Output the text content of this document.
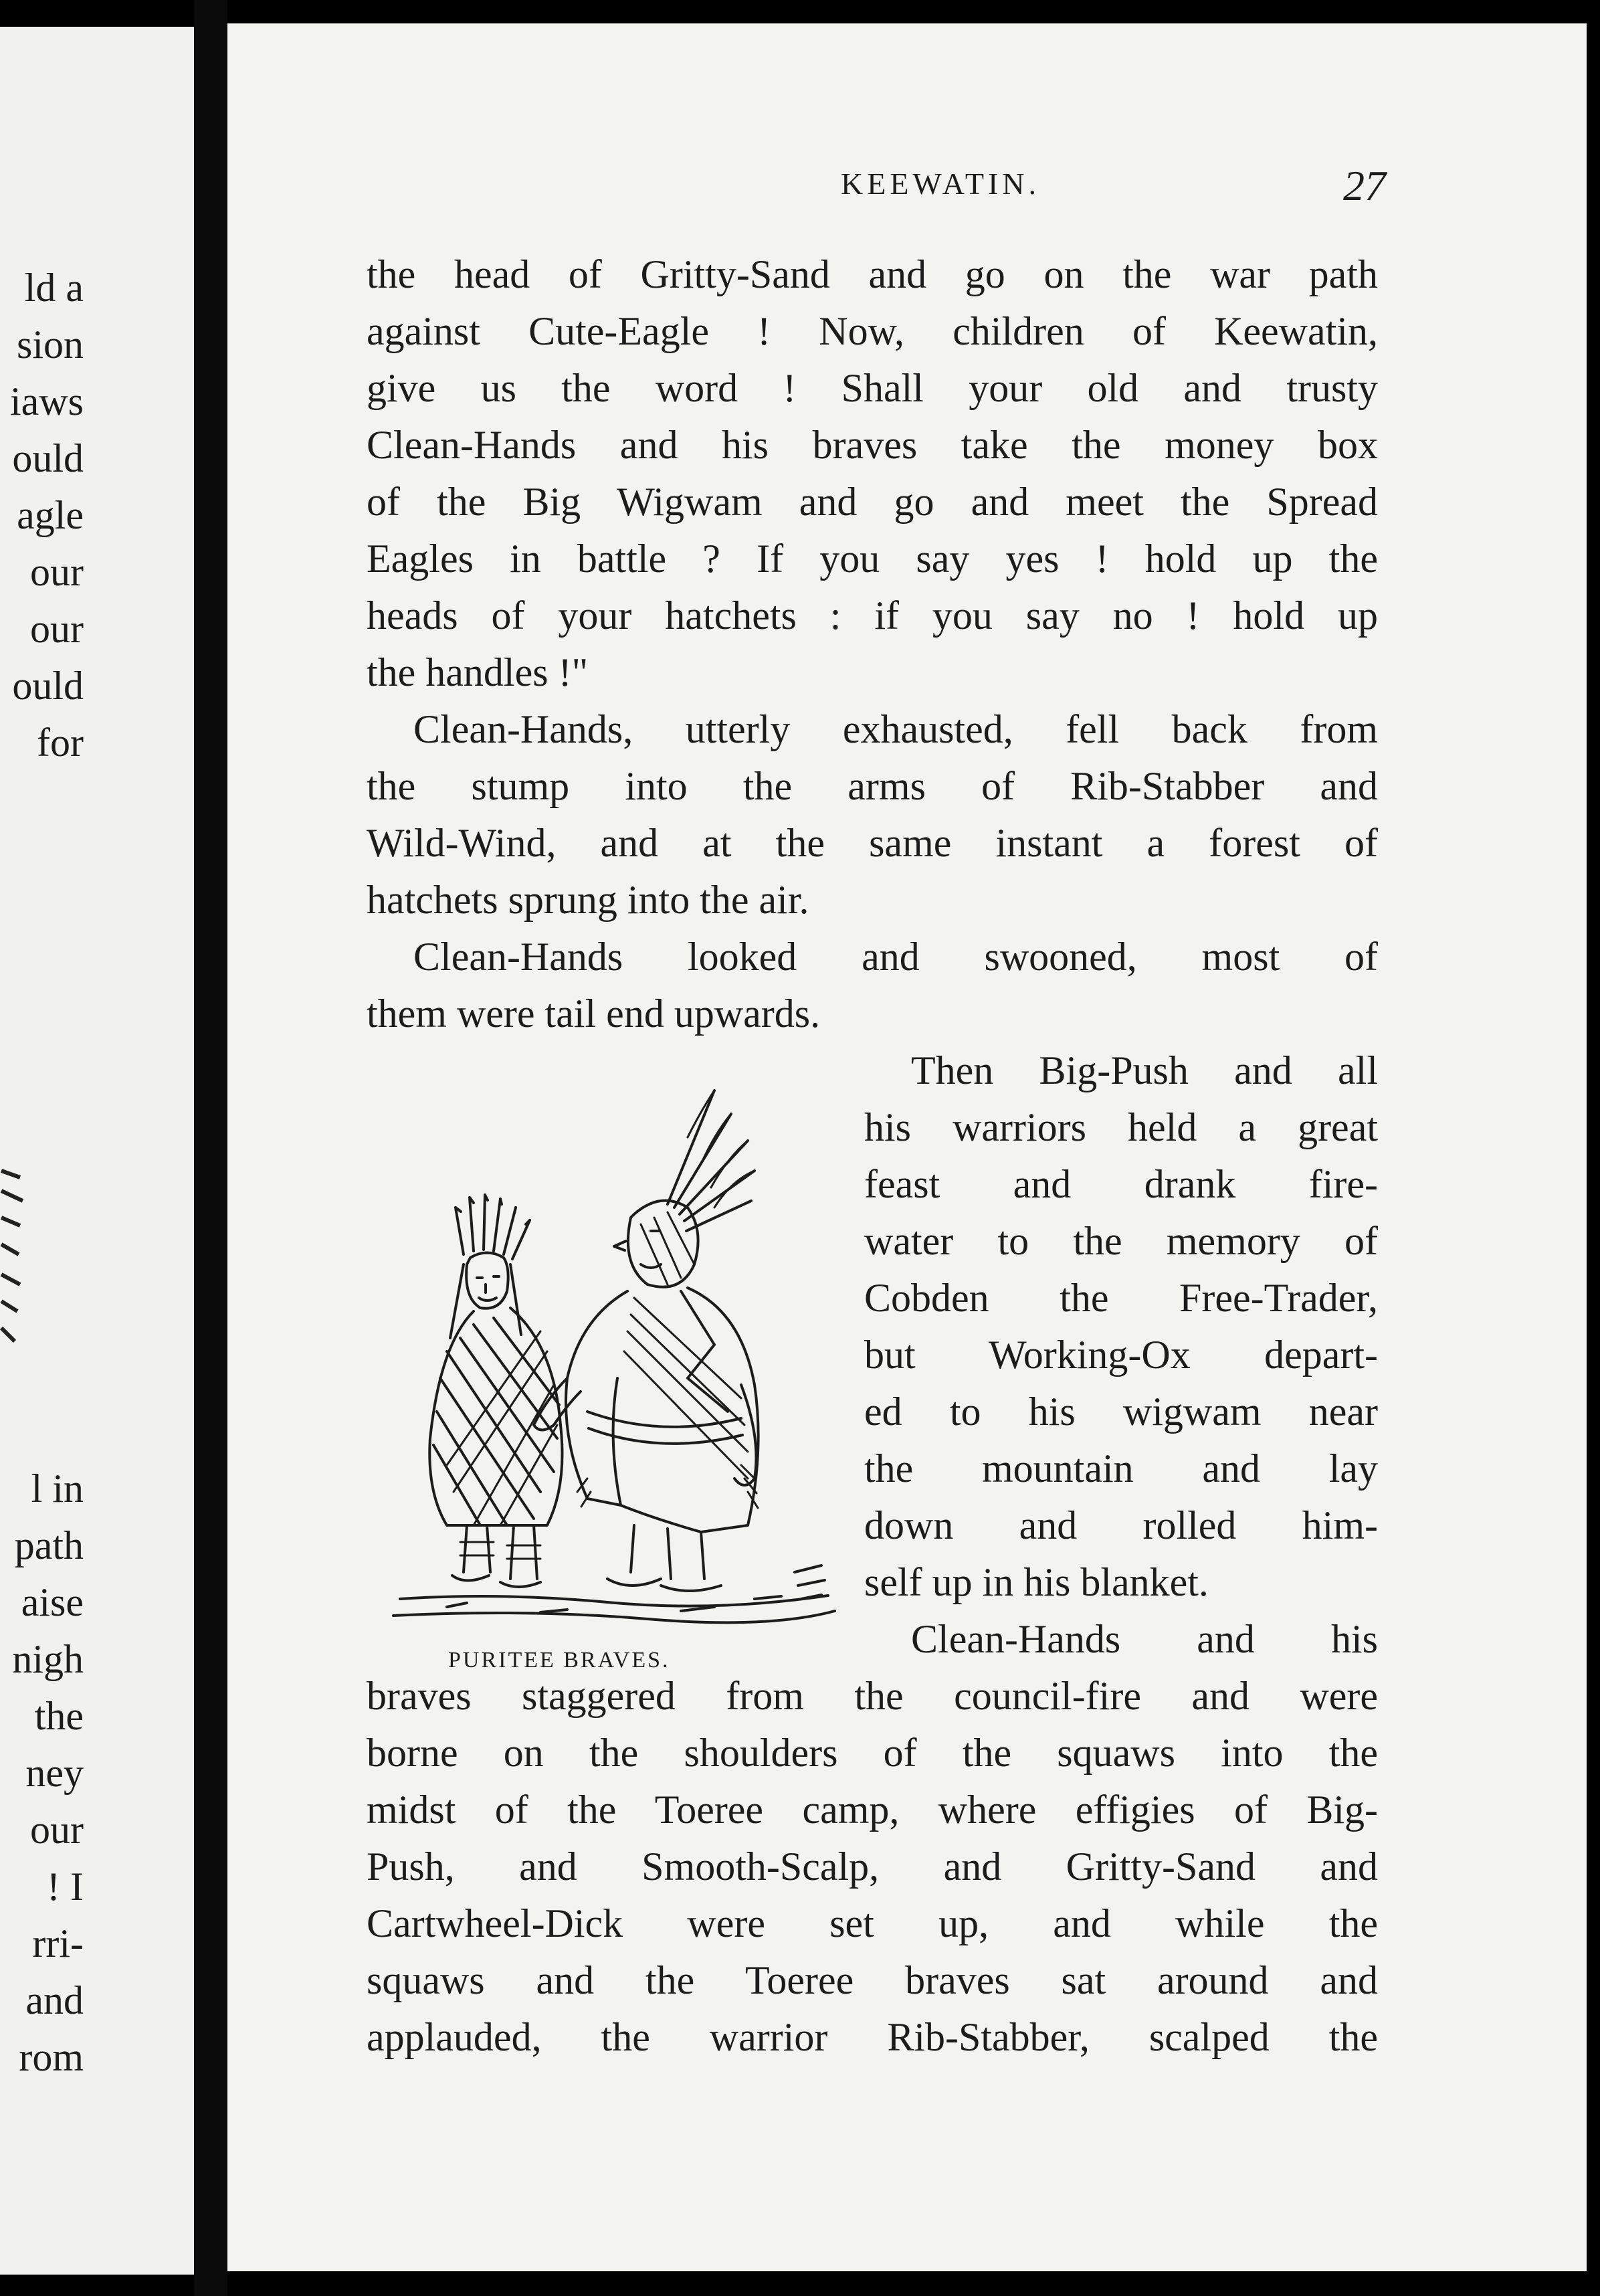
ld a
sion
iaws
ould
agle
our
our
ould
for
l in
path
aise
nigh
the
ney
our
! I
rri-
and
rom
KEEWATIN.	27
the head of Gritty-Sand and go on the war path
against Cute-Eagle ! Now, children of Keewatin,
give us the word ! Shall your old and trusty
Clean-Hands and his braves take the money box
of the Big Wigwam and go and meet the Spread
Eagles in battle ? If you say yes ! hold up the
heads of your hatchets : if you say no ! hold up
the handles !"
Clean-Hands, utterly exhausted, fell back from
the stump into the arms of Rib-Stabber and
Wild-Wind, and at the same instant a forest of
hatchets sprung into the air.
Clean-Hands looked and swooned, most of
them were tail end upwards.
Then Big-Push and all
his warriors held a great
feast and drank fire-
water to the memory of
Cobden the Free-Trader,
but Working-Ox depart-
ed to his wigwam near
the mountain and lay
down and rolled him-
self up in his blanket.
Clean-Hands and his
braves staggered from the council-fire and were
borne on the shoulders of the squaws into the
midst of the Toeree camp, where effigies of Big-
Push, and Smooth-Scalp, and Gritty-Sand and
Cartwheel-Dick were set up, and while the
squaws and the Toeree braves sat around and
applauded, the warrior Rib-Stabber, scalped the
PURITEE BRAVES.
